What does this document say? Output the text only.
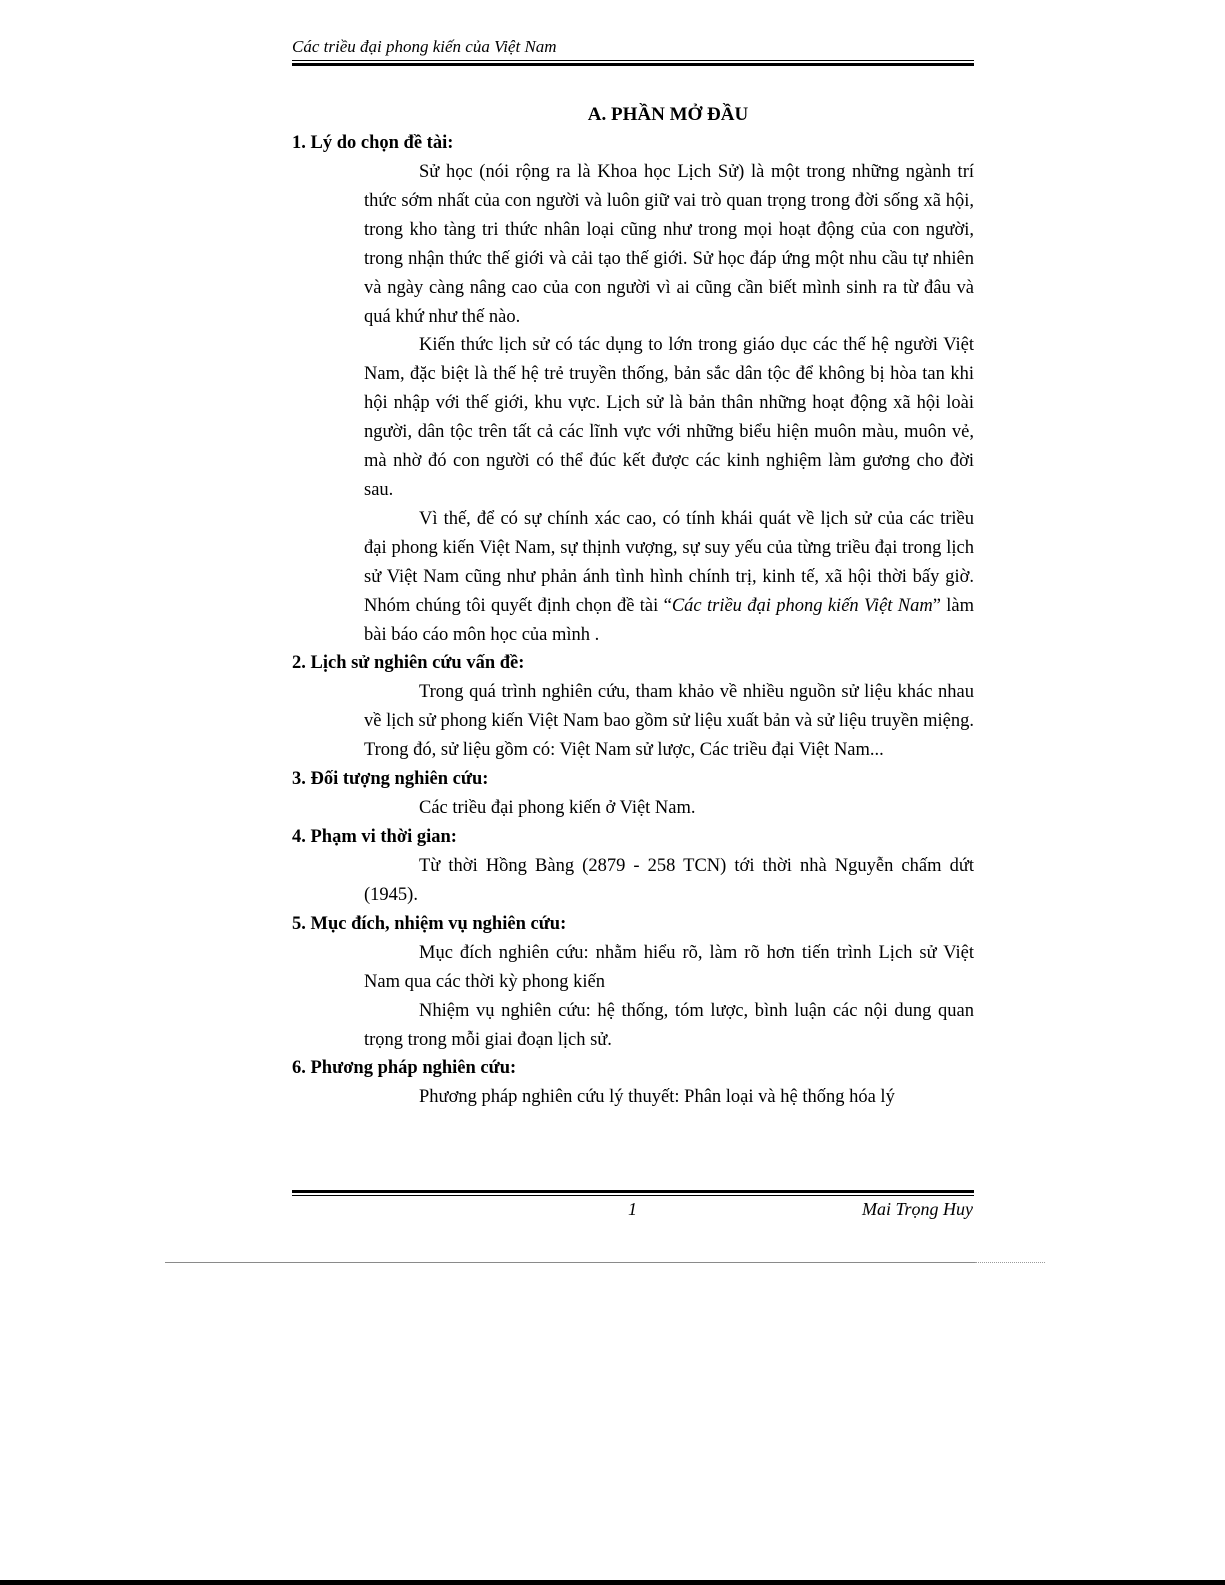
Các triều đại phong kiến của Việt Nam
A. PHẦN MỞ ĐẦU
1. Lý do chọn đề tài:

Sử học (nói rộng ra là Khoa học Lịch Sử) là một trong những ngành trí thức sớm nhất của con người và luôn giữ vai trò quan trọng trong đời sống xã hội, trong kho tàng tri thức nhân loại cũng như trong mọi hoạt động của con người, trong nhận thức thế giới và cải tạo thế giới. Sử học đáp ứng một nhu cầu tự nhiên và ngày càng nâng cao của con người vì ai cũng cần biết mình sinh ra từ đâu và quá khứ như thế nào.

Kiến thức lịch sử có tác dụng to lớn trong giáo dục các thế hệ người Việt Nam, đặc biệt là thế hệ trẻ truyền thống, bản sắc dân tộc để không bị hòa tan khi hội nhập với thế giới, khu vực. Lịch sử là bản thân những hoạt động xã hội loài người, dân tộc trên tất cả các lĩnh vực với những biểu hiện muôn màu, muôn vẻ, mà nhờ đó con người có thể đúc kết được các kinh nghiệm làm gương cho đời sau.

Vì thế, để có sự chính xác cao, có tính khái quát về lịch sử của các triều đại phong kiến Việt Nam, sự thịnh vượng, sự suy yếu của từng triều đại trong lịch sử Việt Nam cũng như phản ánh tình hình chính trị, kinh tế, xã hội thời bấy giờ. Nhóm chúng tôi quyết định chọn đề tài “Các triều đại phong kiến Việt Nam” làm bài báo cáo môn học của mình .

2. Lịch sử nghiên cứu vấn đề:

Trong quá trình nghiên cứu, tham khảo về nhiều nguồn sử liệu khác nhau về lịch sử phong kiến Việt Nam bao gồm sử liệu xuất bản và sử liệu truyền miệng. Trong đó, sử liệu gồm có: Việt Nam sử lược, Các triều đại Việt Nam...

3. Đối tượng nghiên cứu:

Các triều đại phong kiến ở Việt Nam.

4. Phạm vi thời gian:

Từ thời Hồng Bàng (2879 - 258 TCN) tới thời nhà Nguyễn chấm dứt (1945).

5. Mục đích, nhiệm vụ nghiên cứu:

Mục đích nghiên cứu: nhằm hiểu rõ, làm rõ hơn tiến trình Lịch sử Việt Nam qua các thời kỳ phong kiến

Nhiệm vụ nghiên cứu: hệ thống, tóm lược, bình luận các nội dung quan trọng trong mỗi giai đoạn lịch sử.

6. Phương pháp nghiên cứu:

Phương pháp nghiên cứu lý thuyết: Phân loại và hệ thống hóa lý

1	Mai Trọng Huy
